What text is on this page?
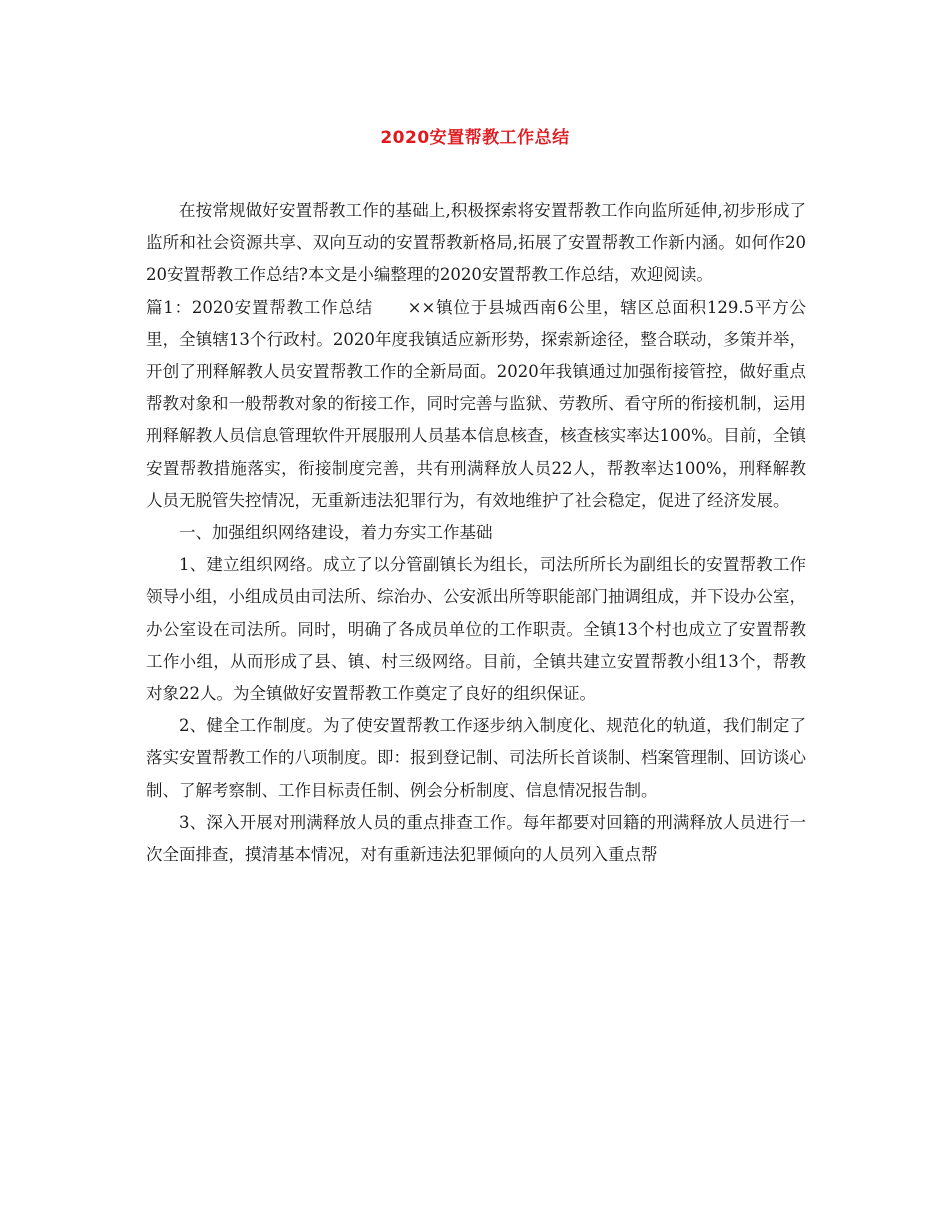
2020安置帮教工作总结

在按常规做好安置帮教工作的基础上,积极探索将安置帮教工作向监所延伸,初步形成了监所和社会资源共享、双向互动的安置帮教新格局,拓展了安置帮教工作新内涵。如何作2020安置帮教工作总结?本文是小编整理的2020安置帮教工作总结，欢迎阅读。

篇1：2020安置帮教工作总结　　××镇位于县城西南6公里，辖区总面积129.5平方公里，全镇辖13个行政村。2020年度我镇适应新形势，探索新途径，整合联动，多策并举，开创了刑释解教人员安置帮教工作的全新局面。2020年我镇通过加强衔接管控，做好重点帮教对象和一般帮教对象的衔接工作，同时完善与监狱、劳教所、看守所的衔接机制，运用刑释解教人员信息管理软件开展服刑人员基本信息核查，核查核实率达100%。目前，全镇安置帮教措施落实，衔接制度完善，共有刑满释放人员22人，帮教率达100%，刑释解教人员无脱管失控情况，无重新违法犯罪行为，有效地维护了社会稳定，促进了经济发展。

一、加强组织网络建设，着力夯实工作基础

1、建立组织网络。成立了以分管副镇长为组长，司法所所长为副组长的安置帮教工作领导小组，小组成员由司法所、综治办、公安派出所等职能部门抽调组成，并下设办公室，办公室设在司法所。同时，明确了各成员单位的工作职责。全镇13个村也成立了安置帮教工作小组，从而形成了县、镇、村三级网络。目前，全镇共建立安置帮教小组13个，帮教对象22人。为全镇做好安置帮教工作奠定了良好的组织保证。

2、健全工作制度。为了使安置帮教工作逐步纳入制度化、规范化的轨道，我们制定了落实安置帮教工作的八项制度。即：报到登记制、司法所长首谈制、档案管理制、回访谈心制、了解考察制、工作目标责任制、例会分析制度、信息情况报告制。

3、深入开展对刑满释放人员的重点排查工作。每年都要对回籍的刑满释放人员进行一次全面排查，摸清基本情况，对有重新违法犯罪倾向的人员列入重点帮
